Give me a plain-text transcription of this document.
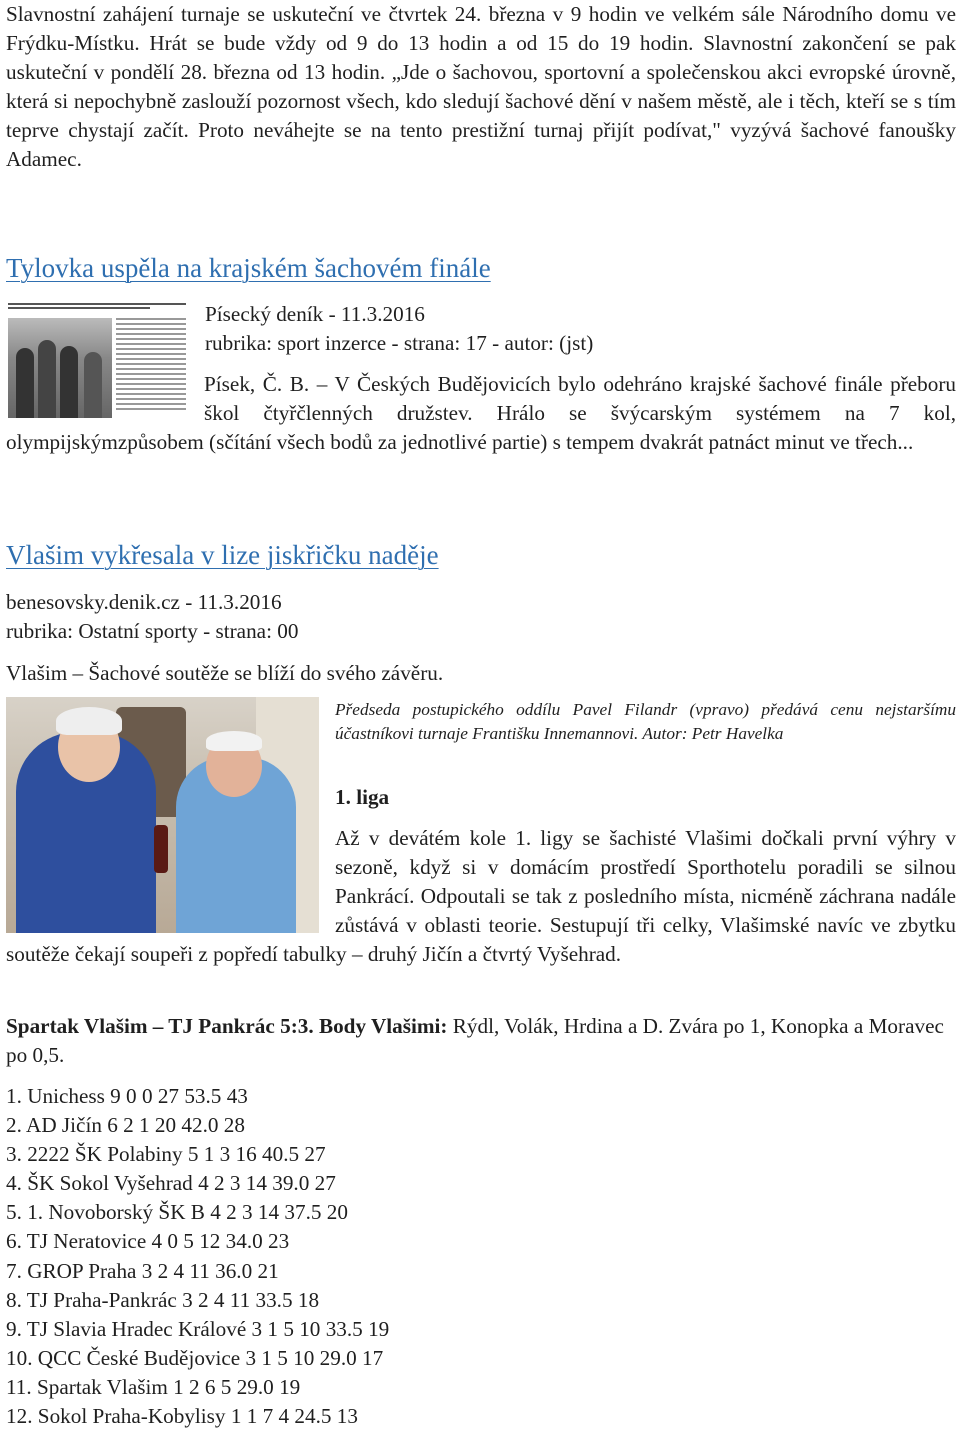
Slavnostní zahájení turnaje se uskuteční ve čtvrtek 24. března v 9 hodin ve velkém sále Národního domu ve Frýdku-Místku. Hrát se bude vždy od 9 do 13 hodin a od 15 do 19 hodin. Slavnostní zakončení se pak uskuteční v pondělí 28. března od 13 hodin. „Jde o šachovou, sportovní a společenskou akci evropské úrovně, která si nepochybně zaslouží pozornost všech, kdo sledují šachové dění v našem městě, ale i těch, kteří se s tím teprve chystají začít. Proto neváhejte se na tento prestižní turnaj přijít podívat," vyzývá šachové fanoušky Adamec.

Tylovka uspěla na krajském šachovém finále

Písecký deník - 11.3.2016

rubrika: sport inzerce - strana: 17 - autor: (jst)

Písek, Č. B. – V Českých Budějovicích bylo odehráno krajské šachové finále přeboru škol čtyřčlenných družstev. Hrálo se švýcarským systémem na 7 kol, olympijskýmzpůsobem (sčítání všech bodů za jednotlivé partie) s tempem dvakrát patnáct minut ve třech...

Vlašim vykřesala v lize jiskřičku naděje

benesovsky.denik.cz - 11.3.2016

rubrika: Ostatní sporty - strana: 00

Vlašim – Šachové soutěže se blíží do svého závěru.

Předseda postupického oddílu Pavel Filandr (vpravo) předává cenu nejstaršímu účastníkovi turnaje Františku Innemannovi. Autor: Petr Havelka

1. liga

Až v devátém kole 1. ligy se šachisté Vlašimi dočkali první výhry v sezoně, když si v domácím prostředí Sporthotelu poradili se silnou Pankrácí. Odpoutali se tak z posledního místa, nicméně záchrana nadále zůstává v oblasti teorie. Sestupují tři celky, Vlašimské navíc ve zbytku soutěže čekají soupeři z popředí tabulky – druhý Jičín a čtvrtý Vyšehrad.

Spartak Vlašim – TJ Pankrác 5:3. Body Vlašimi: Rýdl, Volák, Hrdina a D. Zvára po 1, Konopka a Moravec po 0,5.

1. Unichess 9 0 0 27 53.5 43
2. AD Jičín 6 2 1 20 42.0 28
3. 2222 ŠK Polabiny 5 1 3 16 40.5 27
4. ŠK Sokol Vyšehrad 4 2 3 14 39.0 27
5. 1. Novoborský ŠK B 4 2 3 14 37.5 20
6. TJ Neratovice 4 0 5 12 34.0 23
7. GROP Praha 3 2 4 11 36.0 21
8. TJ Praha-Pankrác 3 2 4 11 33.5 18
9. TJ Slavia Hradec Králové 3 1 5 10 33.5 19
10. QCC České Budějovice 3 1 5 10 29.0 17
11. Spartak Vlašim 1 2 6 5 29.0 19
12. Sokol Praha-Kobylisy 1 1 7 4 24.5 13
